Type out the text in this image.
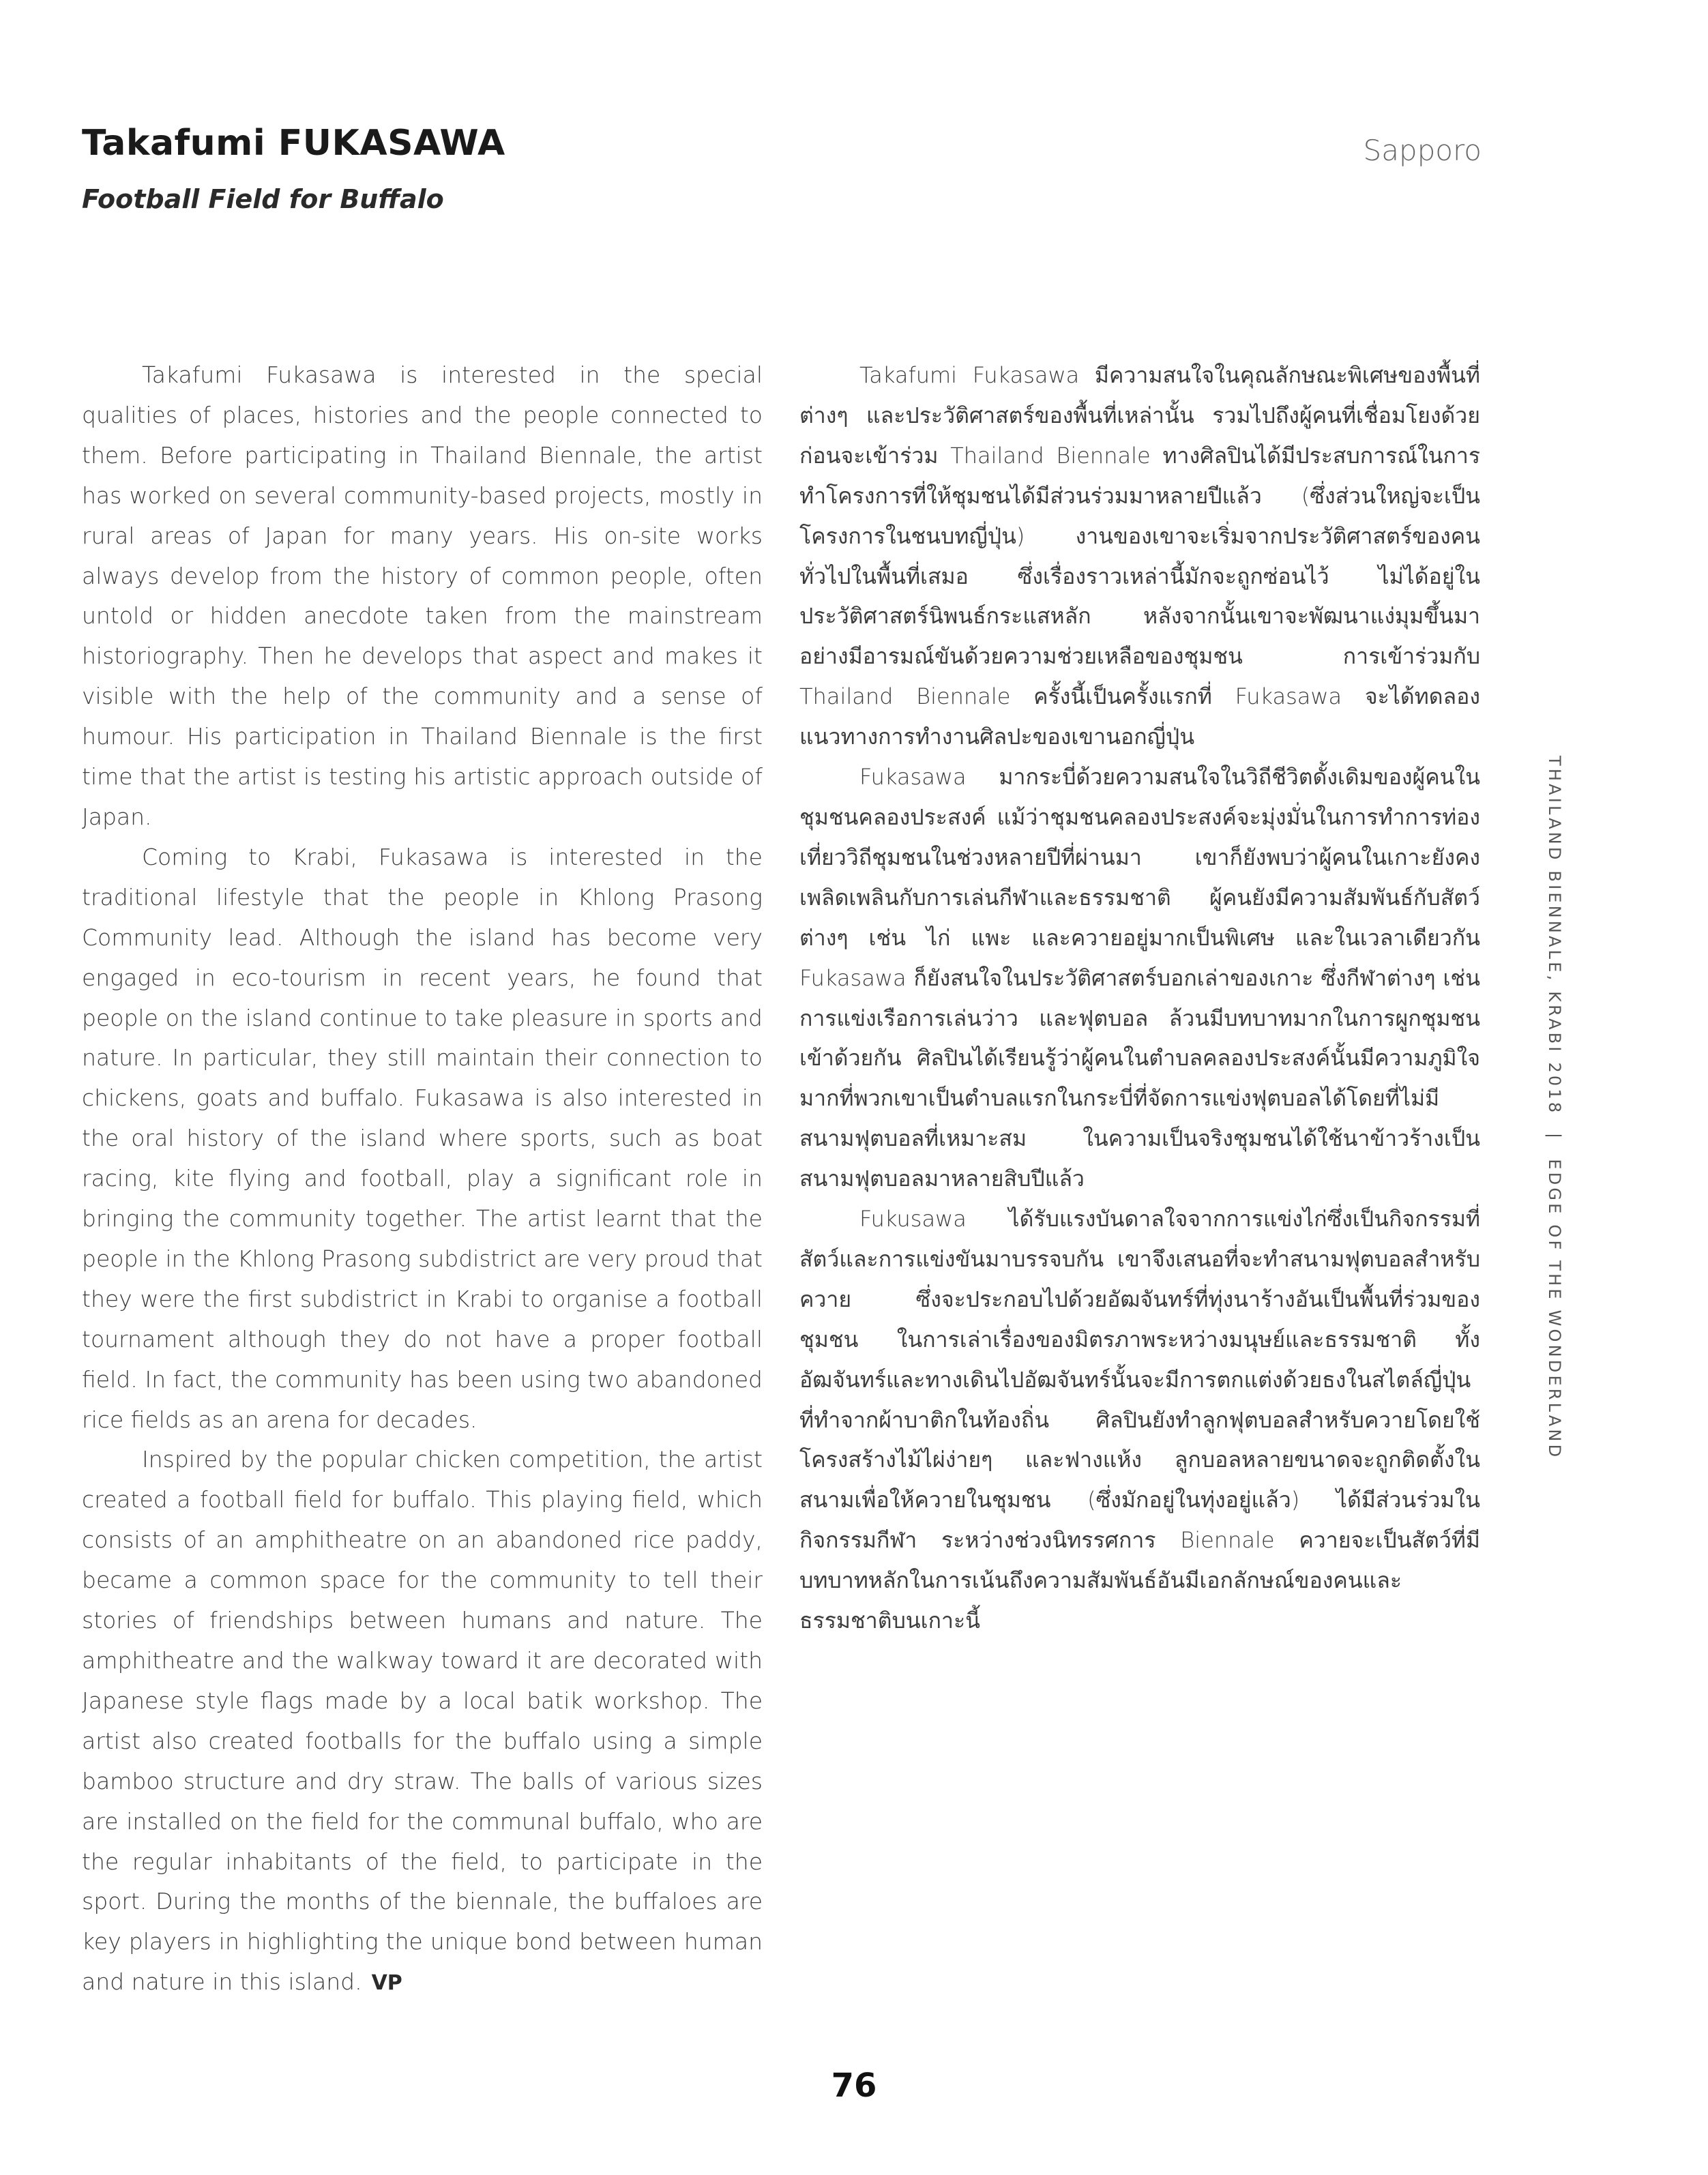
Takafumi FUKASAWA
Football Field for Buffalo
Sapporo

Takafumi Fukasawa is interested in the special qualities of places, histories and the people connected to them. Before participating in Thailand Biennale, the artist has worked on several community-based projects, mostly in rural areas of Japan for many years. His on-site works always develop from the history of common people, often untold or hidden anecdote taken from the mainstream historiography. Then he develops that aspect and makes it visible with the help of the community and a sense of humour. His participation in Thailand Biennale is the first time that the artist is testing his artistic approach outside of Japan.

Coming to Krabi, Fukasawa is interested in the traditional lifestyle that the people in Khlong Prasong Community lead. Although the island has become very engaged in eco-tourism in recent years, he found that people on the island continue to take pleasure in sports and nature. In particular, they still maintain their connection to chickens, goats and buffalo. Fukasawa is also interested in the oral history of the island where sports, such as boat racing, kite flying and football, play a significant role in bringing the community together. The artist learnt that the people in the Khlong Prasong subdistrict are very proud that they were the first subdistrict in Krabi to organise a football tournament although they do not have a proper football field. In fact, the community has been using two abandoned rice fields as an arena for decades.

Inspired by the popular chicken competition, the artist created a football field for buffalo. This playing field, which consists of an amphitheatre on an abandoned rice paddy, became a common space for the community to tell their stories of friendships between humans and nature. The amphitheatre and the walkway toward it are decorated with Japanese style flags made by a local batik workshop. The artist also created footballs for the buffalo using a simple bamboo structure and dry straw. The balls of various sizes are installed on the field for the communal buffalo, who are the regular inhabitants of the field, to participate in the sport. During the months of the biennale, the buffaloes are key players in highlighting the unique bond between human and nature in this island. VP

Takafumi Fukasawa มีความสนใจในคุณลักษณะพิเศษของพื้นที่ต่างๆ และประวัติศาสตร์ของพื้นที่เหล่านั้น รวมไปถึงผู้คนที่เชื่อมโยงด้วย ก่อนจะเข้าร่วม Thailand Biennale ทางศิลปินได้มีประสบการณ์ในการทำโครงการที่ให้ชุมชนได้มีส่วนร่วมมาหลายปีแล้ว (ซึ่งส่วนใหญ่จะเป็นโครงการในชนบทญี่ปุ่น) งานของเขาจะเริ่มจากประวัติศาสตร์ของคนทั่วไปในพื้นที่เสมอ ซึ่งเรื่องราวเหล่านี้มักจะถูกซ่อนไว้ ไม่ได้อยู่ในประวัติศาสตร์นิพนธ์กระแสหลัก หลังจากนั้นเขาจะพัฒนาแง่มุมขึ้นมาอย่างมีอารมณ์ขันด้วยความช่วยเหลือของชุมชน การเข้าร่วมกับ Thailand Biennale ครั้งนี้เป็นครั้งแรกที่ Fukasawa จะได้ทดลองแนวทางการทำงานศิลปะของเขานอกญี่ปุ่น

Fukasawa มากระบี่ด้วยความสนใจในวิถีชีวิตดั้งเดิมของผู้คนในชุมชนคลองประสงค์ แม้ว่าชุมชนคลองประสงค์จะมุ่งมั่นในการทำการท่องเที่ยววิถีชุมชนในช่วงหลายปีที่ผ่านมา เขาก็ยังพบว่าผู้คนในเกาะยังคงเพลิดเพลินกับการเล่นกีฬาและธรรมชาติ ผู้คนยังมีความสัมพันธ์กับสัตว์ต่างๆ เช่น ไก่ แพะ และควายอยู่มากเป็นพิเศษ และในเวลาเดียวกัน Fukasawa ก็ยังสนใจในประวัติศาสตร์บอกเล่าของเกาะ ซึ่งกีฬาต่างๆ เช่น การแข่งเรือการเล่นว่าว และฟุตบอล ล้วนมีบทบาทมากในการผูกชุมชนเข้าด้วยกัน ศิลปินได้เรียนรู้ว่าผู้คนในตำบลคลองประสงค์นั้นมีความภูมิใจมากที่พวกเขาเป็นตำบลแรกในกระบี่ที่จัดการแข่งฟุตบอลได้โดยที่ไม่มีสนามฟุตบอลที่เหมาะสม ในความเป็นจริงชุมชนได้ใช้นาข้าวร้างเป็นสนามฟุตบอลมาหลายสิบปีแล้ว

Fukusawa ได้รับแรงบันดาลใจจากการแข่งไก่ซึ่งเป็นกิจกรรมที่สัตว์และการแข่งขันมาบรรจบกัน เขาจึงเสนอที่จะทำสนามฟุตบอลสำหรับควาย ซึ่งจะประกอบไปด้วยอัฒจันทร์ที่ทุ่งนาร้างอันเป็นพื้นที่ร่วมของชุมชน ในการเล่าเรื่องของมิตรภาพระหว่างมนุษย์และธรรมชาติ ทั้งอัฒจันทร์และทางเดินไปอัฒจันทร์นั้นจะมีการตกแต่งด้วยธงในสไตล์ญี่ปุ่นที่ทำจากผ้าบาติกในท้องถิ่น ศิลปินยังทำลูกฟุตบอลสำหรับควายโดยใช้โครงสร้างไม้ไผ่ง่ายๆ และฟางแห้ง ลูกบอลหลายขนาดจะถูกติดตั้งในสนามเพื่อให้ควายในชุมชน (ซึ่งมักอยู่ในทุ่งอยู่แล้ว) ได้มีส่วนร่วมในกิจกรรมกีฬา ระหว่างช่วงนิทรรศการ Biennale ควายจะเป็นสัตว์ที่มีบทบาทหลักในการเน้นถึงความสัมพันธ์อันมีเอกลักษณ์ของคนและธรรมชาติบนเกาะนี้

THAILAND BIENNALE, KRABI 2018 | EDGE OF THE WONDERLAND
76
